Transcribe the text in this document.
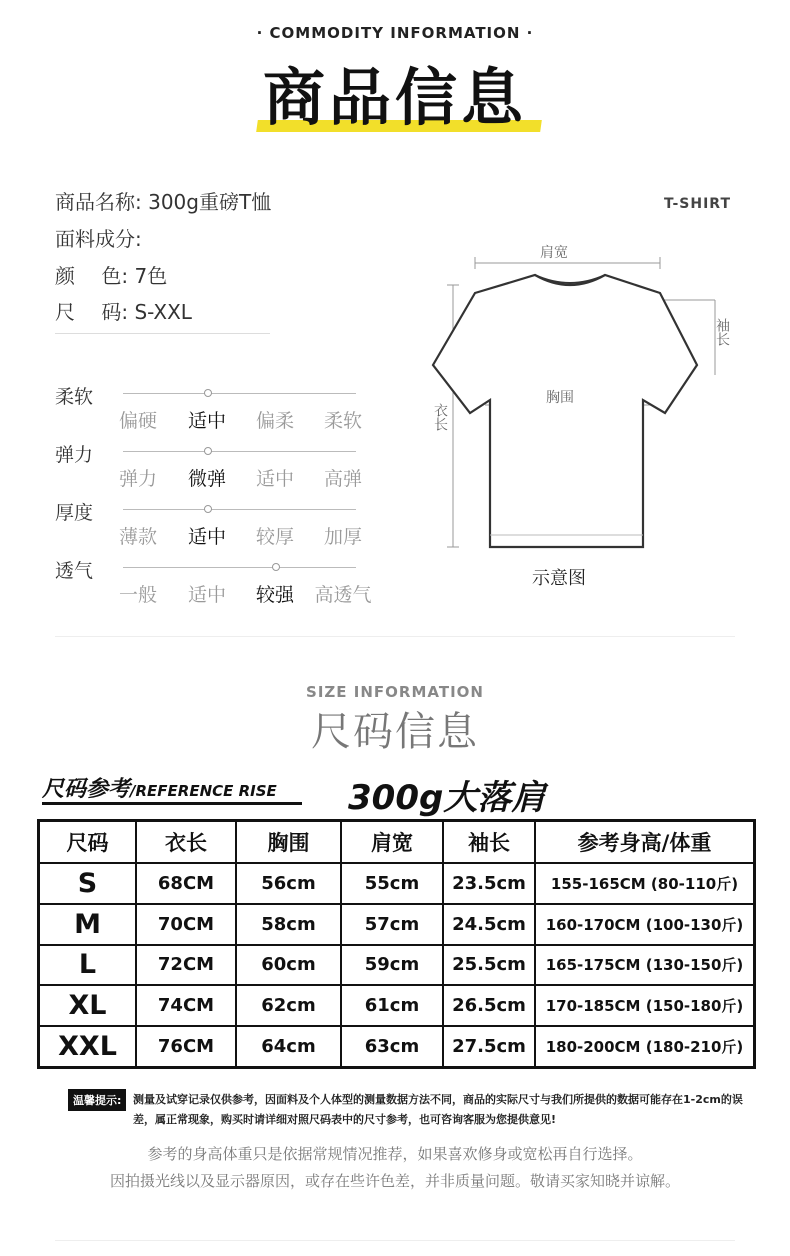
· COMMODITY INFORMATION ·
商品信息
商品名称: 300g重磅T恤
面料成分:
颜　 色: 7色
尺　 码: S-XXL
T-SHIRT
柔软
偏硬	适中	偏柔	柔软
弹力
弹力	微弹	适中	高弹
厚度
薄款	适中	较厚	加厚
透气
一般	适中	较强	高透气
肩宽
袖长
胸围
衣长
示意图
SIZE INFORMATION
尺码信息
尺码参考/REFERENCE RISE 300g大落肩
尺码	衣长	胸围	肩宽	袖长	参考身高/体重
S	68CM	56cm	55cm	23.5cm	155-165CM (80-110斤)
M	70CM	58cm	57cm	24.5cm	160-170CM (100-130斤)
L	72CM	60cm	59cm	25.5cm	165-175CM (130-150斤)
XL	74CM	62cm	61cm	26.5cm	170-185CM (150-180斤)
XXL	76CM	64cm	63cm	27.5cm	180-200CM (180-210斤)
温馨提示:	测量及试穿记录仅供参考，因面料及个人体型的测量数据方法不同，商品的实际尺寸与我们所提供的数据可能存在1-2cm的误差，属正常现象，购买时请详细对照尺码表中的尺寸参考，也可咨询客服为您提供意见!
参考的身高体重只是依据常规情况推荐，如果喜欢修身或宽松再自行选择。
因拍摄光线以及显示器原因，或存在些许色差，并非质量问题。敬请买家知晓并谅解。
